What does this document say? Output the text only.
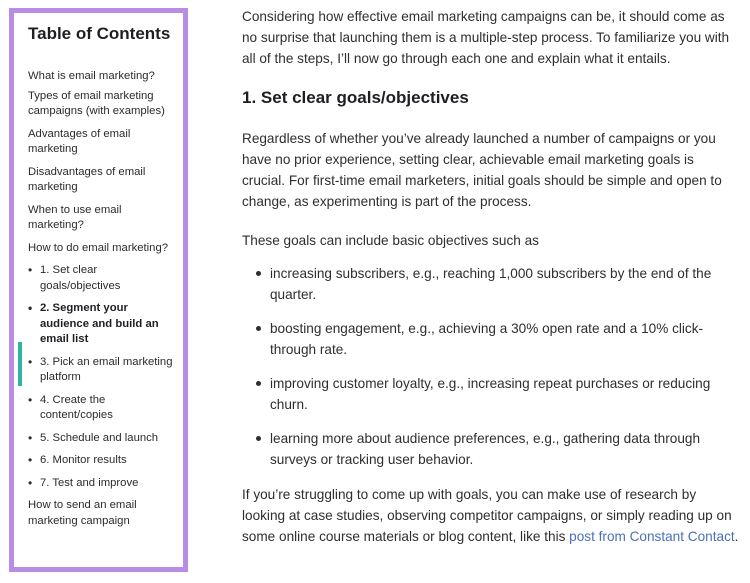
Table of Contents
What is email marketing?
Types of email marketing campaigns (with examples)
Advantages of email marketing
Disadvantages of email marketing
When to use email marketing?
How to do email marketing?
• 1. Set clear goals/objectives
• 2. Segment your audience and build an email list
• 3. Pick an email marketing platform
• 4. Create the content/copies
• 5. Schedule and launch
• 6. Monitor results
• 7. Test and improve
How to send an email marketing campaign

Considering how effective email marketing campaigns can be, it should come as no surprise that launching them is a multiple-step process. To familiarize you with all of the steps, I’ll now go through each one and explain what it entails.

1. Set clear goals/objectives

Regardless of whether you’ve already launched a number of campaigns or you have no prior experience, setting clear, achievable email marketing goals is crucial. For first-time email marketers, initial goals should be simple and open to change, as experimenting is part of the process.

These goals can include basic objectives such as

increasing subscribers, e.g., reaching 1,000 subscribers by the end of the quarter.
boosting engagement, e.g., achieving a 30% open rate and a 10% click-through rate.
improving customer loyalty, e.g., increasing repeat purchases or reducing churn.
learning more about audience preferences, e.g., gathering data through surveys or tracking user behavior.

If you’re struggling to come up with goals, you can make use of research by looking at case studies, observing competitor campaigns, or simply reading up on some online course materials or blog content, like this post from Constant Contact.
